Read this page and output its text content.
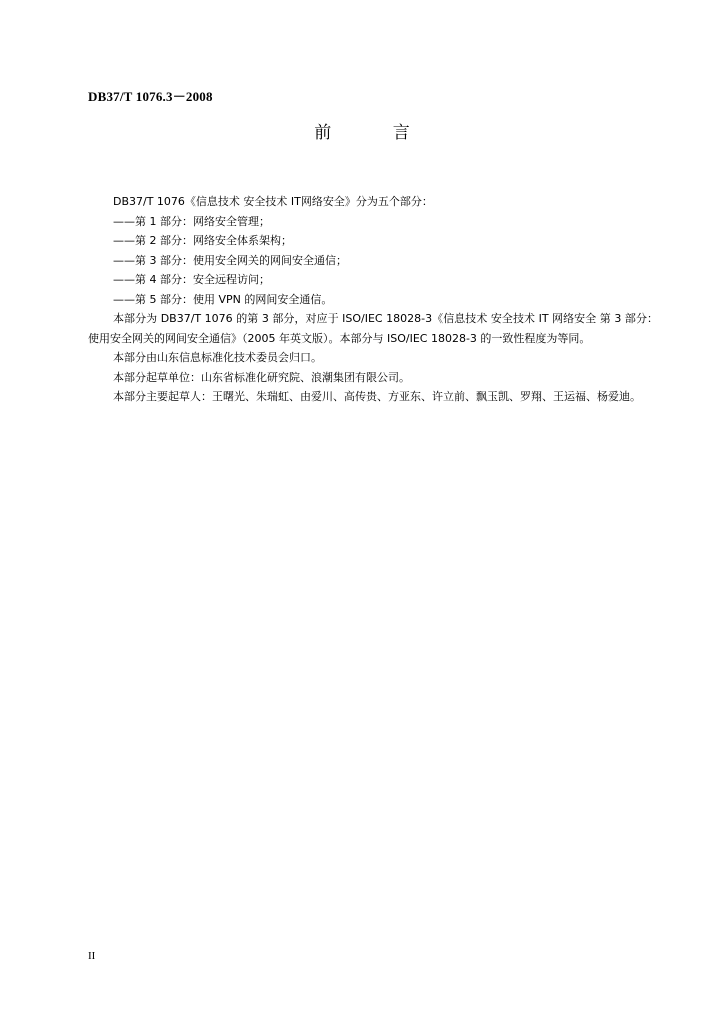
DB37/T 1076.3－2008
前 言

DB37/T 1076《信息技术 安全技术 IT网络安全》分为五个部分：

——第 1 部分：网络安全管理；

——第 2 部分：网络安全体系架构；

——第 3 部分：使用安全网关的网间安全通信；

——第 4 部分：安全远程访问；

——第 5 部分：使用 VPN 的网间安全通信。

本部分为 DB37/T 1076 的第 3 部分，对应于 ISO/IEC 18028-3《信息技术 安全技术 IT 网络安全 第 3 部分：使用安全网关的网间安全通信》（2005 年英文版）。本部分与 ISO/IEC 18028-3 的一致性程度为等同。

本部分由山东信息标准化技术委员会归口。

本部分起草单位：山东省标准化研究院、浪潮集团有限公司。

本部分主要起草人：王曙光、朱瑞虹、由爱川、高传贵、方亚东、许立前、飘玉凯、罗翔、王运福、杨爱迪。

II
